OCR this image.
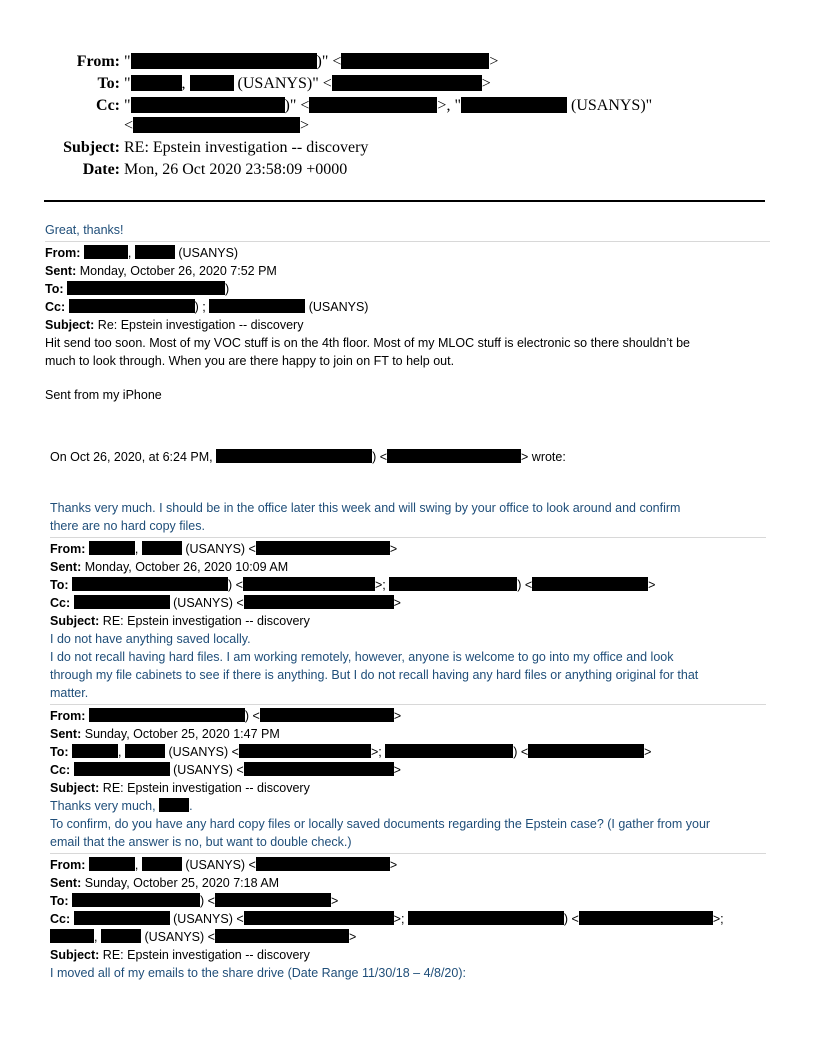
From: "	)" <	>
To: "	,	(USANYS)" <	>
Cc: "	)" <	>, "	(USANYS)"
<	>
Subject: RE: Epstein investigation -- discovery
Date: Mon, 26 Oct 2020 23:58:09 +0000
Great, thanks!
From:	,	(USANYS)
Sent: Monday, October 26, 2020 7:52 PM
To:	)
Cc:	) ;	(USANYS)
Subject: Re: Epstein investigation -- discovery
Hit send too soon. Most of my VOC stuff is on the 4th floor. Most of my MLOC stuff is electronic so there shouldn’t be
much to look through. When you are there happy to join on FT to help out.
Sent from my iPhone
On Oct 26, 2020, at 6:24 PM,	) <	> wrote:
Thanks very much. I should be in the office later this week and will swing by your office to look around and confirm
there are no hard copy files.
From:	,	(USANYS) <	>
Sent: Monday, October 26, 2020 10:09 AM
To:	) <	>;	) <	>
Cc:	(USANYS) <	>
Subject: RE: Epstein investigation -- discovery
I do not have anything saved locally.
I do not recall having hard files. I am working remotely, however, anyone is welcome to go into my office and look
through my file cabinets to see if there is anything. But I do not recall having any hard files or anything original for that
matter.
From:	) <	>
Sent: Sunday, October 25, 2020 1:47 PM
To:	,	(USANYS) <	>;	) <	>
Cc:	(USANYS) <	>
Subject: RE: Epstein investigation -- discovery
Thanks very much,	.
To confirm, do you have any hard copy files or locally saved documents regarding the Epstein case? (I gather from your
email that the answer is no, but want to double check.)
From:	,	(USANYS) <	>
Sent: Sunday, October 25, 2020 7:18 AM
To:	) <	>
Cc:	(USANYS) <	>;	) <	>;
,	(USANYS) <	>
Subject: RE: Epstein investigation -- discovery
I moved all of my emails to the share drive (Date Range 11/30/18 – 4/8/20):
